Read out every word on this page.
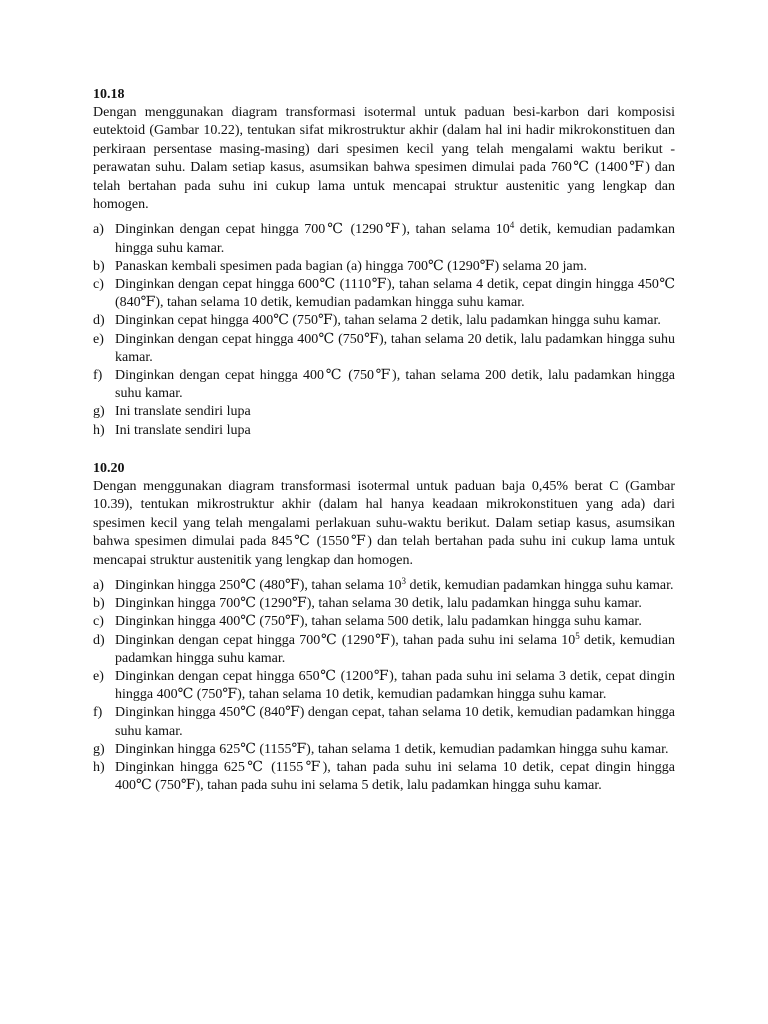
10.18

Dengan menggunakan diagram transformasi isotermal untuk paduan besi-karbon dari komposisi eutektoid (Gambar 10.22), tentukan sifat mikrostruktur akhir (dalam hal ini hadir mikrokonstituen dan perkiraan persentase masing-masing) dari spesimen kecil yang telah mengalami waktu berikut - perawatan suhu. Dalam setiap kasus, asumsikan bahwa spesimen dimulai pada 760℃ (1400℉) dan telah bertahan pada suhu ini cukup lama untuk mencapai struktur austenitic yang lengkap dan homogen.

a) Dinginkan dengan cepat hingga 700℃ (1290℉), tahan selama $10^4$ detik, kemudian padamkan hingga suhu kamar.
b) Panaskan kembali spesimen pada bagian (a) hingga 700℃ (1290℉) selama 20 jam.
c) Dinginkan dengan cepat hingga 600℃ (1110℉), tahan selama 4 detik, cepat dingin hingga 450℃ (840℉), tahan selama 10 detik, kemudian padamkan hingga suhu kamar.
d) Dinginkan cepat hingga 400℃ (750℉), tahan selama 2 detik, lalu padamkan hingga suhu kamar.
e) Dinginkan dengan cepat hingga 400℃ (750℉), tahan selama 20 detik, lalu padamkan hingga suhu kamar.
f) Dinginkan dengan cepat hingga 400℃ (750℉), tahan selama 200 detik, lalu padamkan hingga suhu kamar.
g) Ini translate sendiri lupa
h) Ini translate sendiri lupa

10.20

Dengan menggunakan diagram transformasi isotermal untuk paduan baja 0,45% berat C (Gambar 10.39), tentukan mikrostruktur akhir (dalam hal hanya keadaan mikrokonstituen yang ada) dari spesimen kecil yang telah mengalami perlakuan suhu-waktu berikut. Dalam setiap kasus, asumsikan bahwa spesimen dimulai pada 845℃ (1550℉) dan telah bertahan pada suhu ini cukup lama untuk mencapai struktur austenitik yang lengkap dan homogen.

a) Dinginkan hingga 250℃ (480℉), tahan selama $10^3$ detik, kemudian padamkan hingga suhu kamar.
b) Dinginkan hingga 700℃ (1290℉), tahan selama 30 detik, lalu padamkan hingga suhu kamar.
c) Dinginkan hingga 400℃ (750℉), tahan selama 500 detik, lalu padamkan hingga suhu kamar.
d) Dinginkan dengan cepat hingga 700℃ (1290℉), tahan pada suhu ini selama $10^5$ detik, kemudian padamkan hingga suhu kamar.
e) Dinginkan dengan cepat hingga 650℃ (1200℉), tahan pada suhu ini selama 3 detik, cepat dingin hingga 400℃ (750℉), tahan selama 10 detik, kemudian padamkan hingga suhu kamar.
f) Dinginkan hingga 450℃ (840℉) dengan cepat, tahan selama 10 detik, kemudian padamkan hingga suhu kamar.
g) Dinginkan hingga 625℃ (1155℉), tahan selama 1 detik, kemudian padamkan hingga suhu kamar.
h) Dinginkan hingga 625℃ (1155℉), tahan pada suhu ini selama 10 detik, cepat dingin hingga 400℃ (750℉), tahan pada suhu ini selama 5 detik, lalu padamkan hingga suhu kamar.
